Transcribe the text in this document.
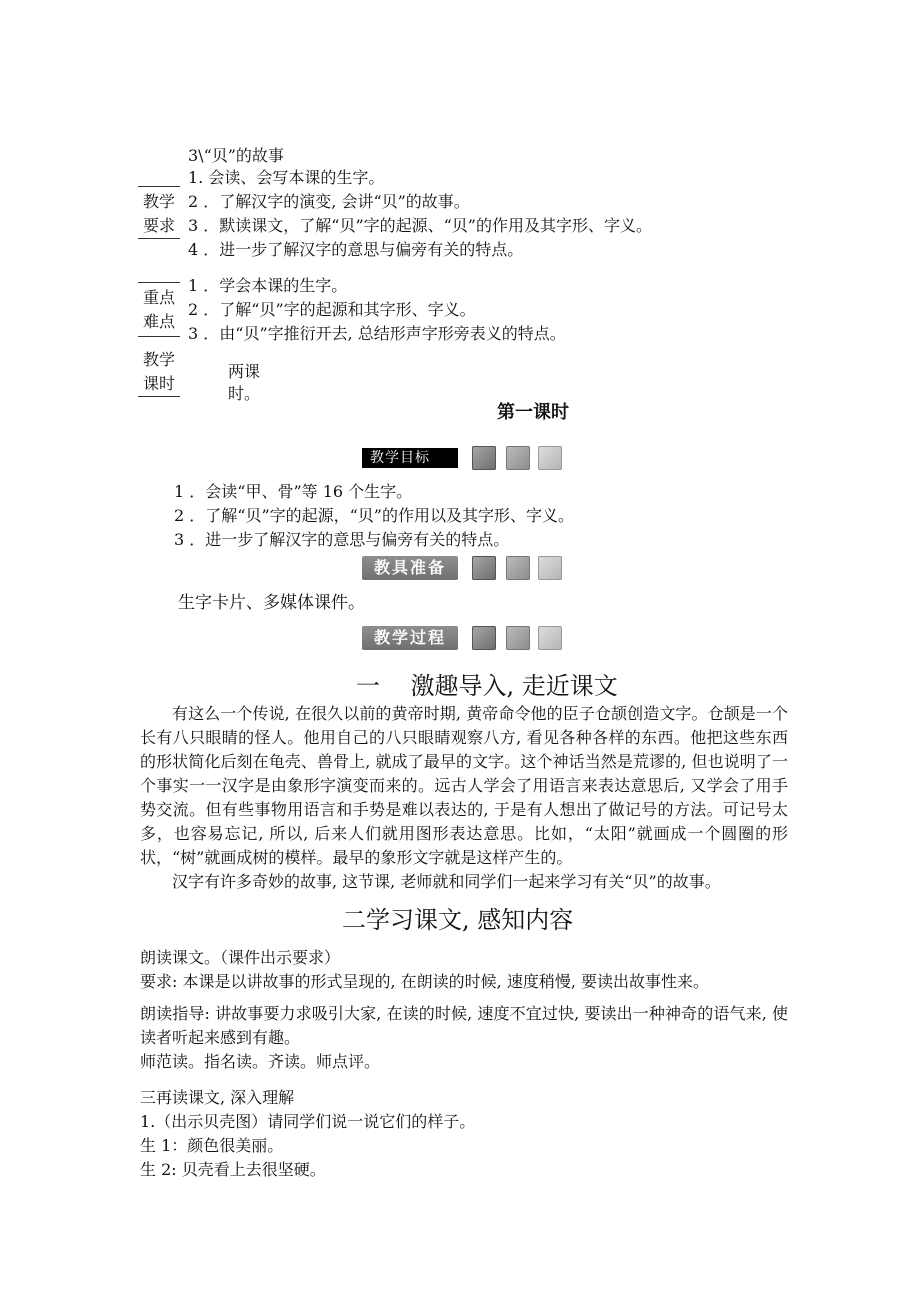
3\“贝”的故事
教学
要求
1. 会读、会写本课的生字。
2 ．了解汉字的演变, 会讲“贝”的故事。
3 ．默读课文，了解“贝”字的起源、“贝”的作用及其字形、字义。
4 ．进一步了解汉字的意思与偏旁有关的特点。
重点
难点
1 ．学会本课的生字。
2 ．了解“贝”字的起源和其字形、字义。
3 ．由“贝”字推衍开去, 总结形声字形旁表义的特点。
教学
课时
两课
时。
第一课时
教学目标
1 ．会读“甲、骨”等 16 个生字。
2 ．了解“贝”字的起源，“贝”的作用以及其字形、字义。
3 ．进一步了解汉字的意思与偏旁有关的特点。
教具准备
生字卡片、多媒体课件。
教学过程
一    激趣导入, 走近课文

有这么一个传说, 在很久以前的黄帝时期, 黄帝命令他的臣子仓颉创造文字。仓颉是一个长有八只眼睛的怪人。他用自己的八只眼睛观察八方, 看见各种各样的东西。他把这些东西的形状简化后刻在龟壳、兽骨上, 就成了最早的文字。这个神话当然是荒谬的, 但也说明了一个事实一一汉字是由象形字演变而来的。远古人学会了用语言来表达意思后, 又学会了用手势交流。但有些事物用语言和手势是难以表达的, 于是有人想出了做记号的方法。可记号太多，也容易忘记, 所以, 后来人们就用图形表达意思。比如，“太阳”就画成一个圆圈的形状，“树”就画成树的模样。最早的象形文字就是这样产生的。

汉字有许多奇妙的故事, 这节课, 老师就和同学们一起来学习有关“贝”的故事。

二学习课文, 感知内容

朗读课文。（课件出示要求）

要求: 本课是以讲故事的形式呈现的, 在朗读的时候, 速度稍慢, 要读出故事性来。

朗读指导: 讲故事要力求吸引大家, 在读的时候, 速度不宜过快, 要读出一种神奇的语气来, 使读者听起来感到有趣。

师范读。指名读。齐读。师点评。

三再读课文, 深入理解

1.（出示贝壳图）请同学们说一说它们的样子。

生 1：颜色很美丽。

生 2: 贝壳看上去很坚硬。
